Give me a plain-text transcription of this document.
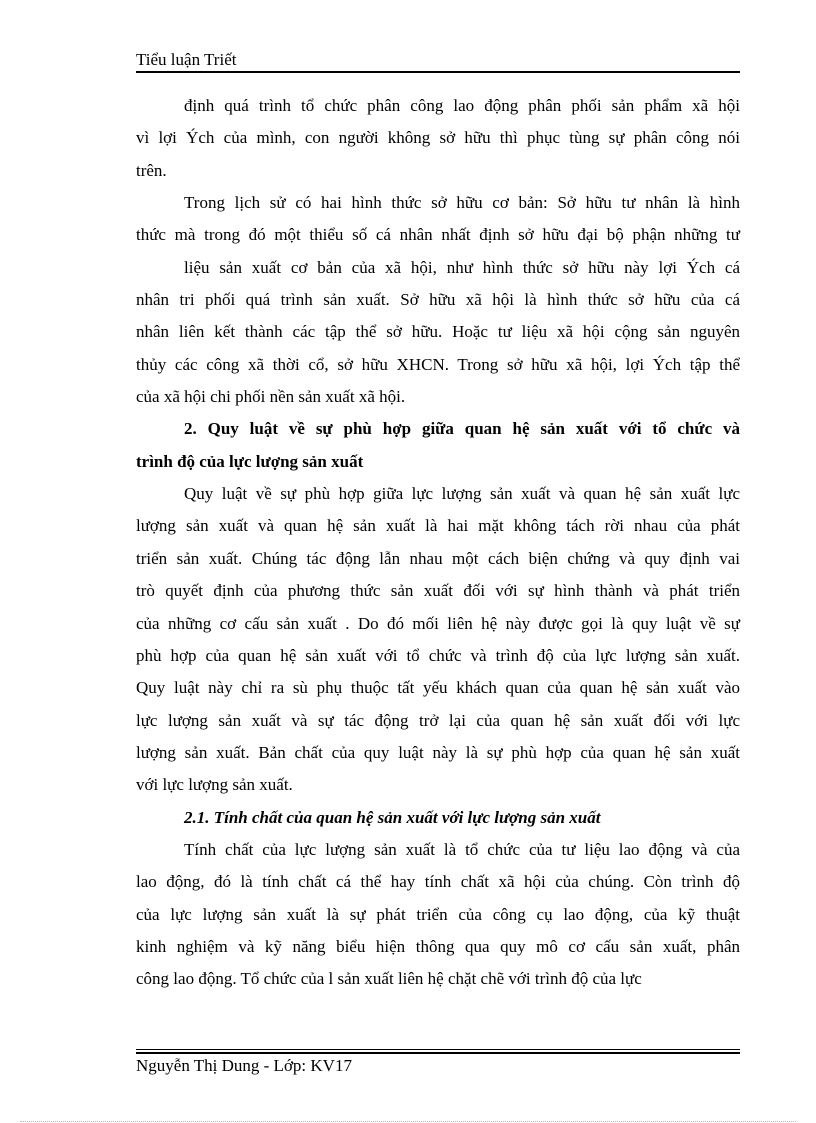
Tiểu luận Triết
định quá trình tổ chức phân công lao động phân phối sản phẩm xã hội
vì lợi Ých của mình, con người không sở hữu thì phục tùng sự phân công nói
trên.
Trong lịch sử có hai hình thức sở hữu cơ bản: Sở hữu tư nhân là hình
thức mà trong đó một thiểu số cá nhân nhất định sở hữu đại bộ phận những tư
liệu sản xuất cơ bản của xã hội, như hình thức sở hữu này lợi Ých cá
nhân tri phối quá trình sản xuất. Sở hữu xã hội là hình thức sở hữu của cá
nhân liên kết thành các tập thể sở hữu. Hoặc tư liệu xã hội cộng sản nguyên
thủy các công xã thời cổ, sở hữu XHCN. Trong sở hữu xã hội, lợi Ých tập thể
của xã hội chi phối nền sản xuất xã hội.
2. Quy luật về sự phù hợp giữa quan hệ sản xuất với tổ chức và
trình độ của lực lượng sản xuất
Quy luật về sự phù hợp giữa lực lượng sản xuất và quan hệ sản xuất lực
lượng sản xuất và quan hệ sản xuất là hai mặt không tách rời nhau của phát
triển sản xuất. Chúng tác động lẫn nhau một cách biện chứng và quy định vai
trò quyết định của phương thức sản xuất đối với sự hình thành và phát triển
của những cơ cấu sản xuất . Do đó mối liên hệ này được gọi là quy luật về sự
phù hợp của quan hệ sản xuất với tổ chức và trình độ của lực lượng sản xuất.
Quy luật này chỉ ra sù phụ thuộc tất yếu khách quan của quan hệ sản xuất vào
lực lượng sản xuất và sự tác động trở lại của quan hệ sản xuất đối với lực
lượng sản xuất. Bản chất của quy luật này là sự phù hợp của quan hệ sản xuất
với lực lượng sản xuất.
2.1. Tính chất của quan hệ sản xuất với lực lượng sản xuất
Tính chất của lực lượng sản xuất là tổ chức của tư liệu lao động và của
lao động, đó là tính chất cá thể hay tính chất xã hội của chúng. Còn trình độ
của lực lượng sản xuất là sự phát triển của công cụ lao động, của kỹ thuật
kinh nghiệm và kỹ năng biểu hiện thông qua quy mô cơ cấu sản xuất, phân
công lao động. Tổ chức của l sản xuất liên hệ chặt chẽ với trình độ của lực
Nguyễn Thị Dung - Lớp: KV17
